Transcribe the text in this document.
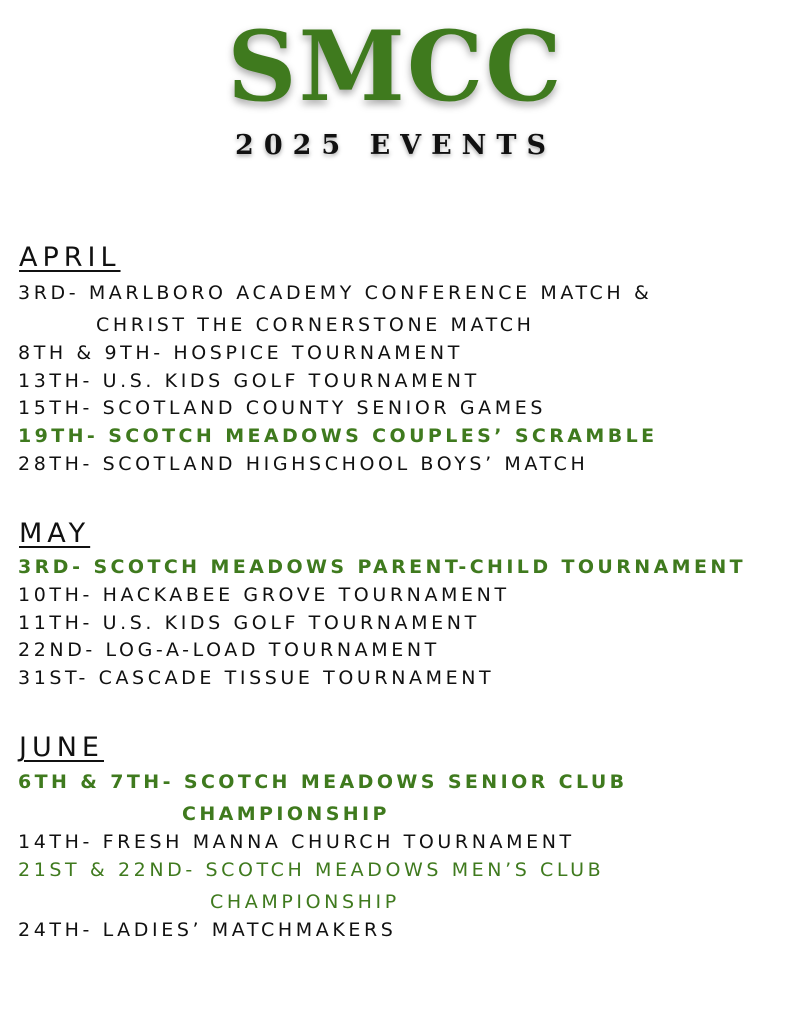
SMCC
2025 EVENTS
APRIL
3RD- MARLBORO ACADEMY CONFERENCE MATCH &
CHRIST THE CORNERSTONE MATCH
8TH & 9TH- HOSPICE TOURNAMENT
13TH- U.S. KIDS GOLF TOURNAMENT
15TH- SCOTLAND COUNTY SENIOR GAMES
19TH- SCOTCH MEADOWS COUPLES’ SCRAMBLE
28TH- SCOTLAND HIGHSCHOOL BOYS’ MATCH
MAY
3RD- SCOTCH MEADOWS PARENT-CHILD TOURNAMENT
10TH- HACKABEE GROVE TOURNAMENT
11TH- U.S. KIDS GOLF TOURNAMENT
22ND- LOG-A-LOAD TOURNAMENT
31ST- CASCADE TISSUE TOURNAMENT
JUNE
6TH & 7TH- SCOTCH MEADOWS SENIOR CLUB
CHAMPIONSHIP
14TH- FRESH MANNA CHURCH TOURNAMENT
21ST & 22ND- SCOTCH MEADOWS MEN’S CLUB
CHAMPIONSHIP
24TH- LADIES’ MATCHMAKERS
